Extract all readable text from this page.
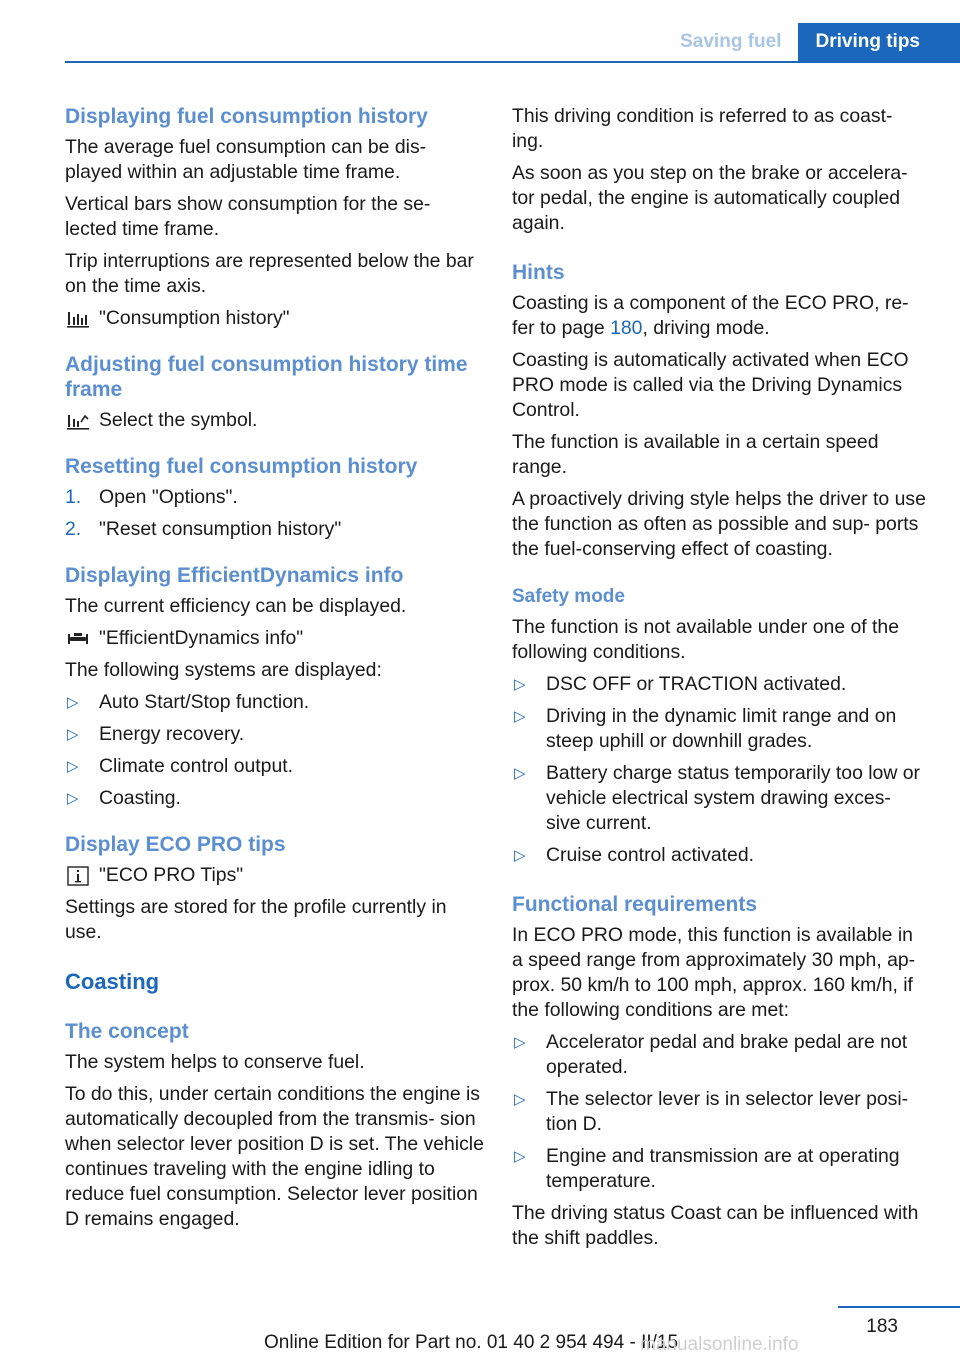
Saving fuel	Driving tips
Displaying fuel consumption history

The average fuel consumption can be dis‐ played within an adjustable time frame.

Vertical bars show consumption for the se‐ lected time frame.

Trip interruptions are represented below the bar on the time axis.

"Consumption history"
Adjusting fuel consumption history time frame
Select the symbol.
Resetting fuel consumption history
1. Open "Options".
2. "Reset consumption history"
Displaying EfficientDynamics info

The current efficiency can be displayed.

"EfficientDynamics info"

The following systems are displayed:

▷ Auto Start/Stop function.
▷ Energy recovery.
▷ Climate control output.
▷ Coasting.
Display ECO PRO tips
"ECO PRO Tips"

Settings are stored for the profile currently in use.

Coasting
The concept

The system helps to conserve fuel.

To do this, under certain conditions the engine is automatically decoupled from the transmis‐ sion when selector lever position D is set. The vehicle continues traveling with the engine idling to reduce fuel consumption. Selector lever position D remains engaged.

This driving condition is referred to as coast‐ ing.

As soon as you step on the brake or accelera‐ tor pedal, the engine is automatically coupled again.

Hints

Coasting is a component of the ECO PRO, re‐ fer to page 180, driving mode.

Coasting is automatically activated when ECO PRO mode is called via the Driving Dynamics Control.

The function is available in a certain speed range.

A proactively driving style helps the driver to use the function as often as possible and sup‐ ports the fuel-conserving effect of coasting.

Safety mode

The function is not available under one of the following conditions.

▷ DSC OFF or TRACTION activated.
▷ Driving in the dynamic limit range and on steep uphill or downhill grades.
▷ Battery charge status temporarily too low or vehicle electrical system drawing exces‐ sive current.
▷ Cruise control activated.
Functional requirements

In ECO PRO mode, this function is available in a speed range from approximately 30 mph, ap‐ prox. 50 km/h to 100 mph, approx. 160 km/h, if the following conditions are met:

▷ Accelerator pedal and brake pedal are not operated.
▷ The selector lever is in selector lever posi‐ tion D.
▷ Engine and transmission are at operating temperature.

The driving status Coast can be influenced with the shift paddles.

183
Online Edition for Part no. 01 40 2 954 494 - II/15
manualsonline.info
